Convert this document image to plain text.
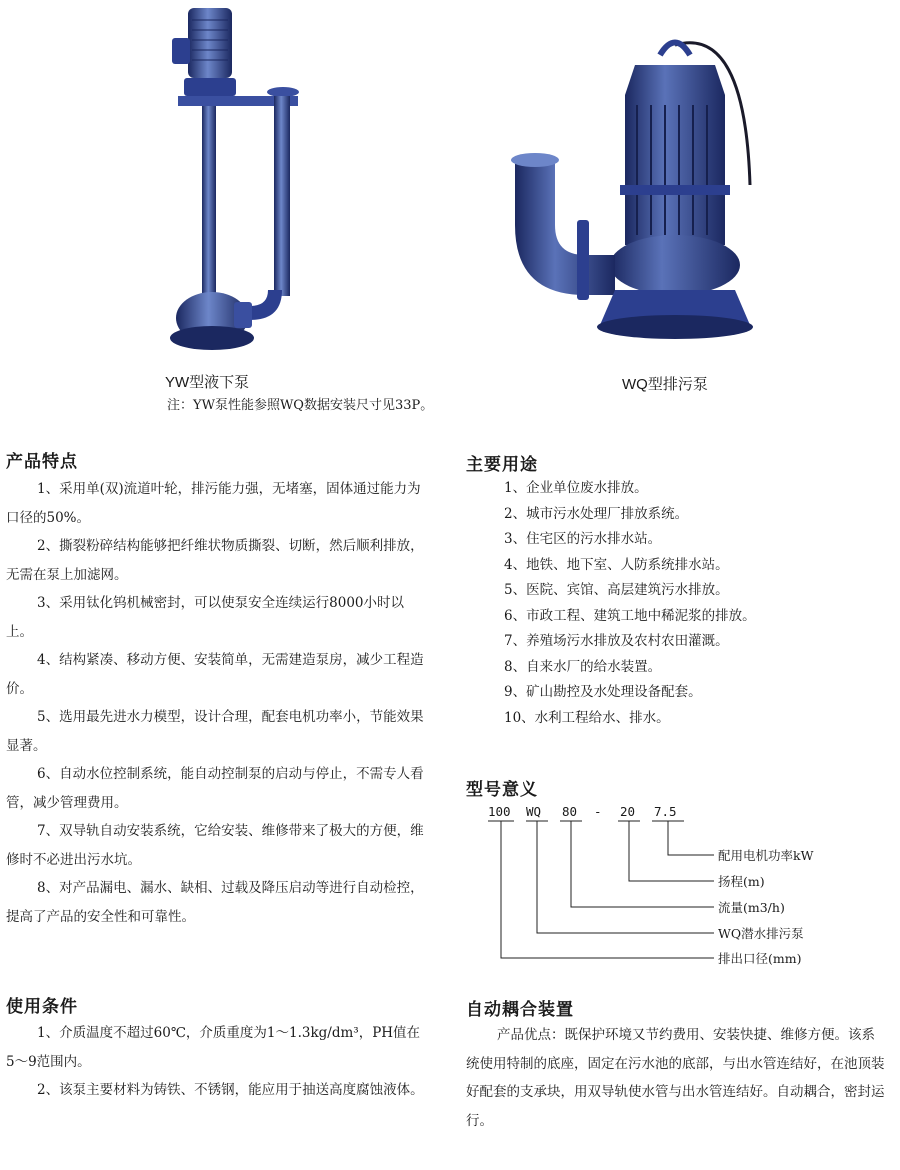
YW型液下泵
注：YW泵性能参照WQ数据安装尺寸见33P。
WQ型排污泵
产品特点

1、采用单(双)流道叶轮，排污能力强，无堵塞，固体通过能力为口径的50%。

2、撕裂粉碎结构能够把纤维状物质撕裂、切断，然后顺利排放，无需在泵上加滤网。

3、采用钛化钨机械密封，可以使泵安全连续运行8000小时以上。

4、结构紧凑、移动方便、安装简单，无需建造泵房，减少工程造价。

5、选用最先进水力模型，设计合理，配套电机功率小，节能效果显著。

6、自动水位控制系统，能自动控制泵的启动与停止，不需专人看管，减少管理费用。

7、双导轨自动安装系统，它给安装、维修带来了极大的方便，维修时不必进出污水坑。

8、对产品漏电、漏水、缺相、过载及降压启动等进行自动检控，提高了产品的安全性和可靠性。

使用条件

1、介质温度不超过60℃，介质重度为1～1.3kg/dm³，PH值在5～9范围内。

2、该泵主要材料为铸铁、不锈钢，能应用于抽送高度腐蚀液体。

主要用途
1、企业单位废水排放。
2、城市污水处理厂排放系统。
3、住宅区的污水排水站。
4、地铁、地下室、人防系统排水站。
5、医院、宾馆、高层建筑污水排放。
6、市政工程、建筑工地中稀泥浆的排放。
7、养殖场污水排放及农村农田灌溉。
8、自来水厂的给水装置。
9、矿山勘控及水处理设备配套。
10、水利工程给水、排水。
型号意义
100 WQ 80 - 20 7.5
配用电机功率kW
扬程(m)
流量(m3/h)
WQ潜水排污泵
排出口径(mm)
自动耦合装置

产品优点：既保护环境又节约费用、安装快捷、维修方便。该系统使用特制的底座，固定在污水池的底部，与出水管连结好，在池顶装好配套的支承块，用双导轨使水管与出水管连结好。自动耦合，密封运行。
